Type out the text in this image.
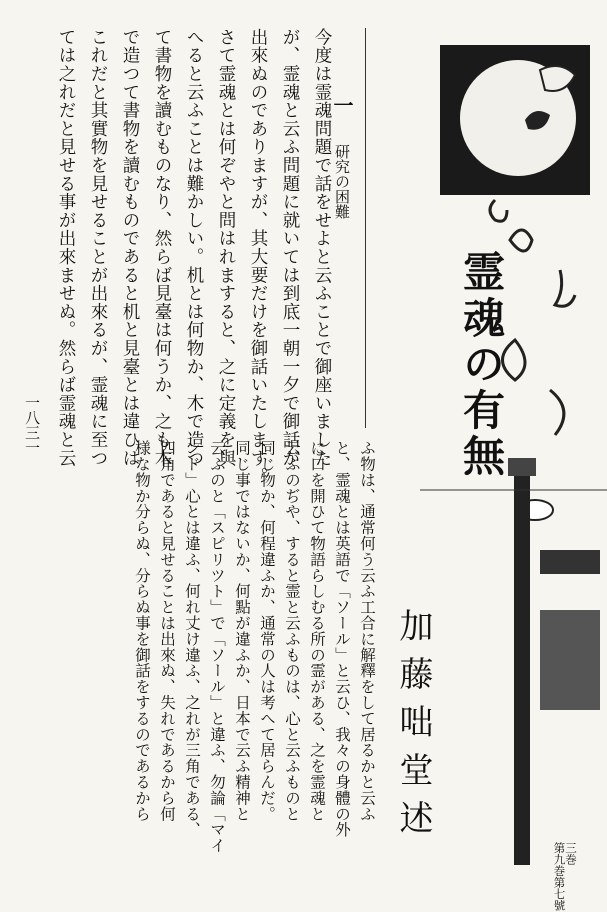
霊魂の有無
加藤咄堂述
三巻
第九巻第七號
一 研究の困難
今度は霊魂問題で話をせよと云ふことで御座いました
が、霊魂と云ふ問題に就いては到底一朝一夕で御話が
出來ぬのでありますが、其大要だけを御話いたします。
さて霊魂とは何ぞやと問はれますると、之に定義を與
へると云ふことは難かしい。机とは何物か、木で造つ
て書物を讀むものなり、然らば見臺は何うか、之も木
で造つて書物を讀むものであると机と見臺とは違ひは
これだと其實物を見せることが出來るが、霊魂に至つ
ては之れだと見せる事が出來ませぬ。然らば霊魂と云
ふ物は、通常何う云ふ工合に解釋をして居るかと云ふ
と、霊魂とは英語で「ソール」と云ひ、我々の身體の外
に口を開ひて物語らしむる所の霊がある、之を霊魂と
云ふのぢや、すると霊と云ふものは、心と云ふものと
同じ物か、何程違ふか、通常の人は考へて居らんだ。
同じ事ではないか、何點が違ふか、日本で云ふ精神と
云ふのと「スピリツト」で「ソール」と違ふ、勿論「マイ
ンド」心とは違ふ、何れ丈け違ふ、之れが三角である、
四角であると見せることは出來ぬ、失れであるから何
様な物か分らぬ、分らぬ事を御話をするのであるから
一八三一
